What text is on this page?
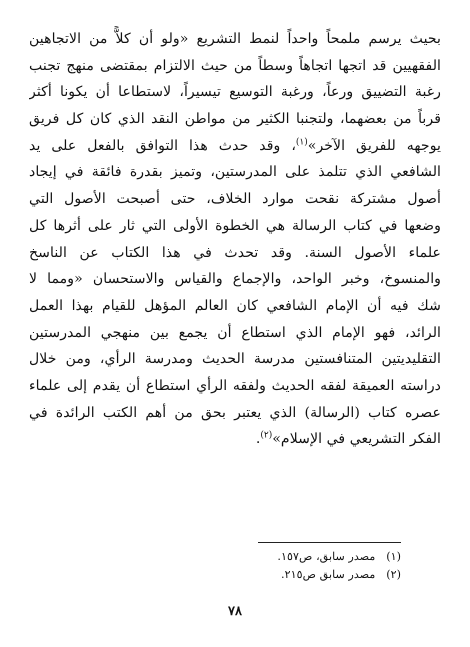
بحيث يرسم ملمحاً واحداً لنمط التشريع «ولو أن كلاًّ من الاتجاهين
الفقهيين قد اتجها اتجاهاً وسطاً من حيث الالتزام بمقتضى منهج تجنب
رغبة التضييق ورعاً، ورغبة التوسيع تيسيراً، لاستطاعا أن يكونا أكثر
قرباً من بعضهما، ولتجنبا الكثير من مواطن النقد الذي كان كل فريق
يوجهه للفريق الآخر»$^{(١)}$، وقد حدث هذا التوافق بالفعل على يد
الشافعي الذي تتلمذ على المدرستين، وتميز بقدرة فائقة في إيجاد
أصول مشتركة نقحت موارد الخلاف، حتى أصبحت الأصول التي
وضعها في كتاب الرسالة هي الخطوة الأولى التي ثار على أثرها كل
علماء الأصول السنة. وقد تحدث في هذا الكتاب عن الناسخ
والمنسوخ، وخبر الواحد، والإجماع والقياس والاستحسان «ومما لا
شك فيه أن الإمام الشافعي كان العالم المؤهل للقيام بهذا العمل
الرائد، فهو الإمام الذي استطاع أن يجمع بين منهجي المدرستين
التقليديتين المتنافستين مدرسة الحديث ومدرسة الرأي، ومن خلال
دراسته العميقة لفقه الحديث ولفقه الرأي استطاع أن يقدم إلى علماء
عصره كتاب (الرسالة) الذي يعتبر بحق من أهم الكتب الرائدة في
الفكر التشريعي في الإسلام»$^{(٢)}$.
(١) مصدر سابق، ص١٥٧.
(٢) مصدر سابق ص٢١٥.
٧٨
